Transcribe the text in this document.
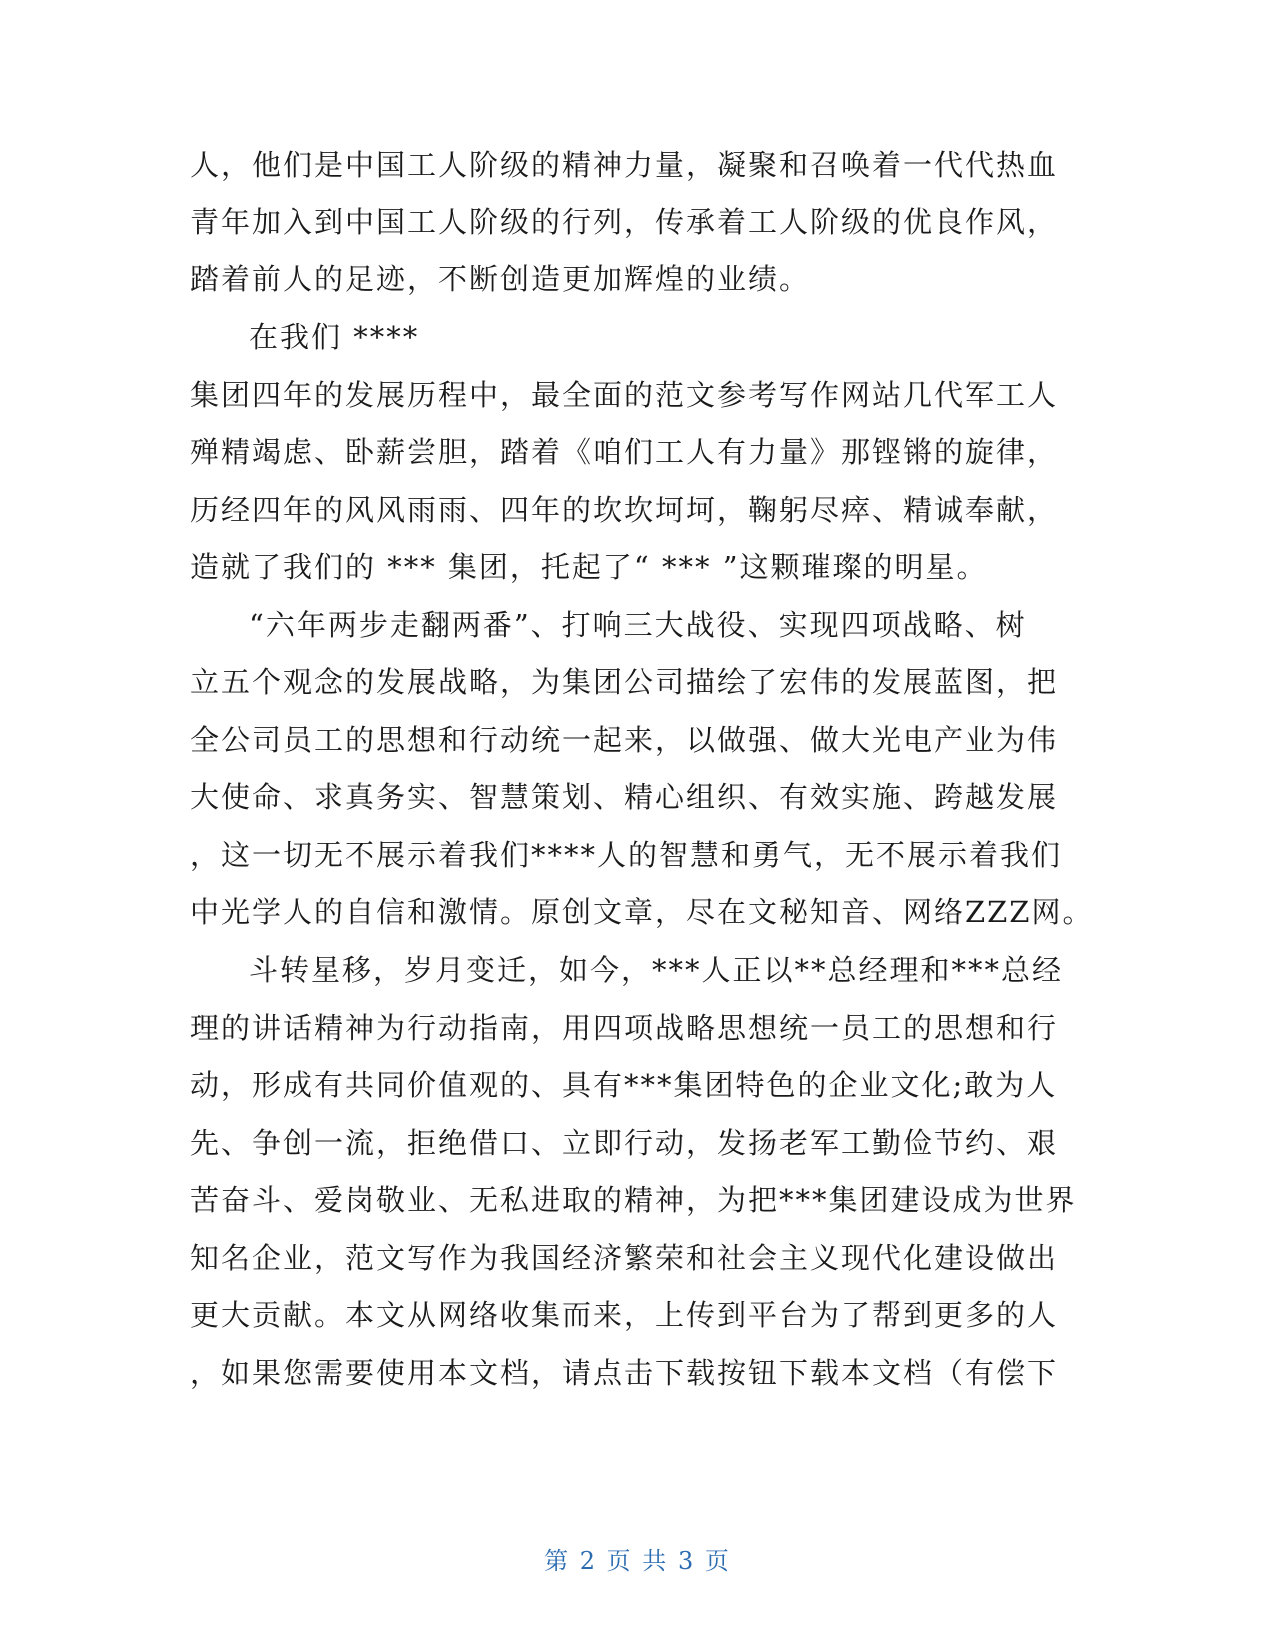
人，他们是中国工人阶级的精神力量，凝聚和召唤着一代代热血
青年加入到中国工人阶级的行列，传承着工人阶级的优良作风，
踏着前人的足迹，不断创造更加辉煌的业绩。
在我们 ****
集团四年的发展历程中，最全面的范文参考写作网站几代军工人
殚精竭虑、卧薪尝胆，踏着《咱们工人有力量》那铿锵的旋律，
历经四年的风风雨雨、四年的坎坎坷坷，鞠躬尽瘁、精诚奉献，
造就了我们的 *** 集团，托起了“ *** ”这颗璀璨的明星。
“六年两步走翻两番”、打响三大战役、实现四项战略、树
立五个观念的发展战略，为集团公司描绘了宏伟的发展蓝图，把
全公司员工的思想和行动统一起来，以做强、做大光电产业为伟
大使命、求真务实、智慧策划、精心组织、有效实施、跨越发展
，这一切无不展示着我们****人的智慧和勇气，无不展示着我们
中光学人的自信和激情。原创文章，尽在文秘知音、网络ZZZ网。
斗转星移，岁月变迁，如今，***人正以**总经理和***总经
理的讲话精神为行动指南，用四项战略思想统一员工的思想和行
动，形成有共同价值观的、具有***集团特色的企业文化;敢为人
先、争创一流，拒绝借口、立即行动，发扬老军工勤俭节约、艰
苦奋斗、爱岗敬业、无私进取的精神，为把***集团建设成为世界
知名企业，范文写作为我国经济繁荣和社会主义现代化建设做出
更大贡献。本文从网络收集而来，上传到平台为了帮到更多的人
，如果您需要使用本文档，请点击下载按钮下载本文档（有偿下
第 2 页 共 3 页
